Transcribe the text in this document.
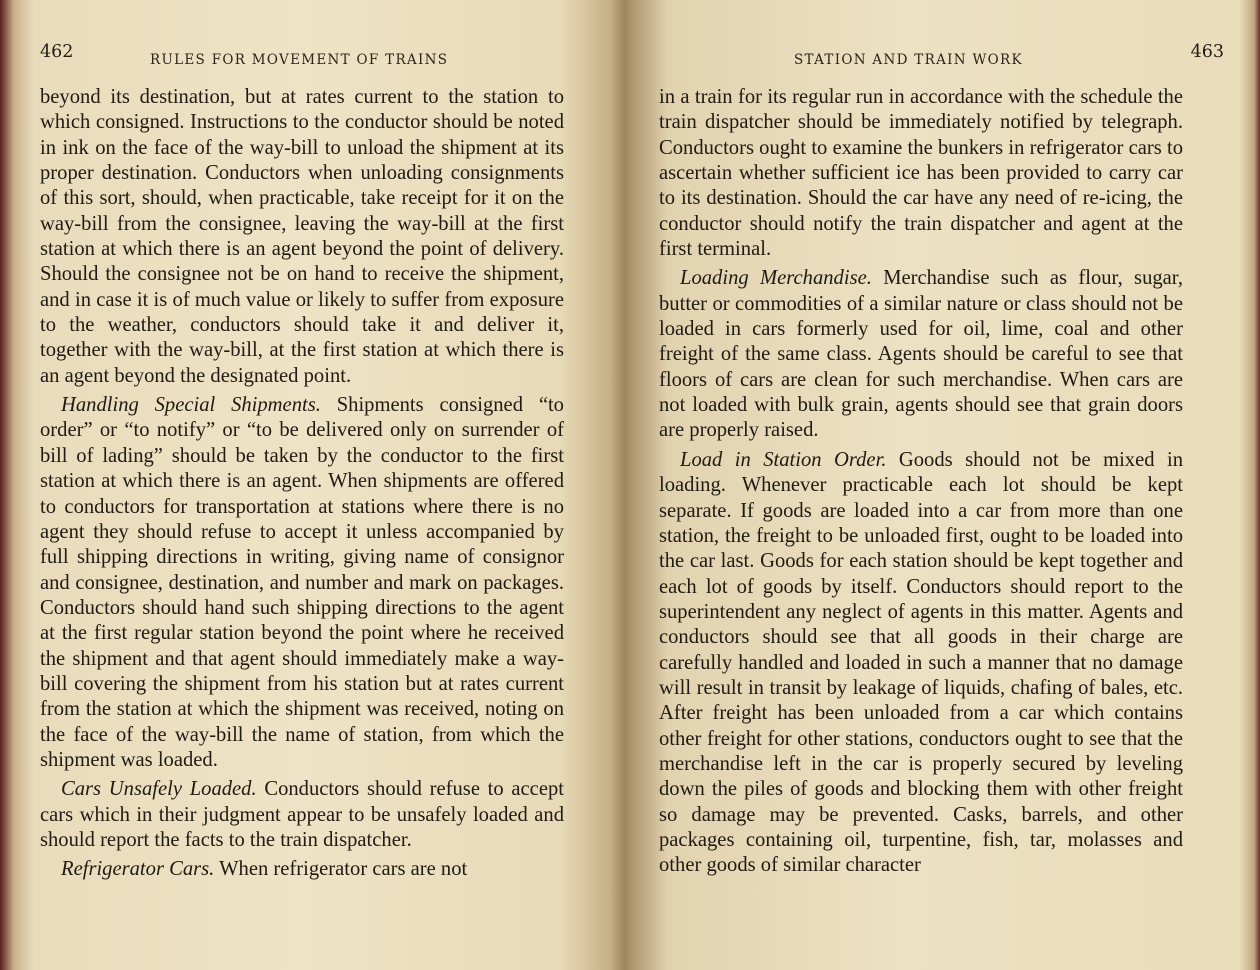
462	RULES FOR MOVEMENT OF TRAINS

beyond its destination, but at rates current to the station to which consigned. Instructions to the conductor should be noted in ink on the face of the way-bill to unload the shipment at its proper destination. Conductors when unloading consignments of this sort, should, when practicable, take receipt for it on the way-bill from the consignee, leaving the way-bill at the first station at which there is an agent beyond the point of delivery. Should the consignee not be on hand to receive the shipment, and in case it is of much value or likely to suffer from exposure to the weather, conductors should take it and deliver it, together with the way-bill, at the first station at which there is an agent beyond the designated point.

Handling Special Shipments. Shipments consigned “to order” or “to notify” or “to be delivered only on surrender of bill of lading” should be taken by the conductor to the first station at which there is an agent. When shipments are offered to conductors for transportation at stations where there is no agent they should refuse to accept it unless accompanied by full shipping directions in writing, giving name of consignor and consignee, destination, and number and mark on packages. Conductors should hand such shipping directions to the agent at the first regular station beyond the point where he received the shipment and that agent should immediately make a way-bill covering the shipment from his station but at rates current from the station at which the shipment was received, noting on the face of the way-bill the name of station, from which the shipment was loaded.

Cars Unsafely Loaded. Conductors should refuse to accept cars which in their judgment appear to be unsafely loaded and should report the facts to the train dispatcher.

Refrigerator Cars. When refrigerator cars are not

STATION AND TRAIN WORK	463

in a train for its regular run in accordance with the schedule the train dispatcher should be immediately notified by telegraph. Conductors ought to examine the bunkers in refrigerator cars to ascertain whether sufficient ice has been provided to carry car to its destination. Should the car have any need of re-icing, the conductor should notify the train dispatcher and agent at the first terminal.

Loading Merchandise. Merchandise such as flour, sugar, butter or commodities of a similar nature or class should not be loaded in cars formerly used for oil, lime, coal and other freight of the same class. Agents should be careful to see that floors of cars are clean for such merchandise. When cars are not loaded with bulk grain, agents should see that grain doors are properly raised.

Load in Station Order. Goods should not be mixed in loading. Whenever practicable each lot should be kept separate. If goods are loaded into a car from more than one station, the freight to be unloaded first, ought to be loaded into the car last. Goods for each station should be kept together and each lot of goods by itself. Conductors should report to the superintendent any neglect of agents in this matter. Agents and conductors should see that all goods in their charge are carefully handled and loaded in such a manner that no damage will result in transit by leakage of liquids, chafing of bales, etc. After freight has been unloaded from a car which contains other freight for other stations, conductors ought to see that the merchandise left in the car is properly secured by leveling down the piles of goods and blocking them with other freight so damage may be prevented. Casks, barrels, and other packages containing oil, turpentine, fish, tar, molasses and other goods of similar character
